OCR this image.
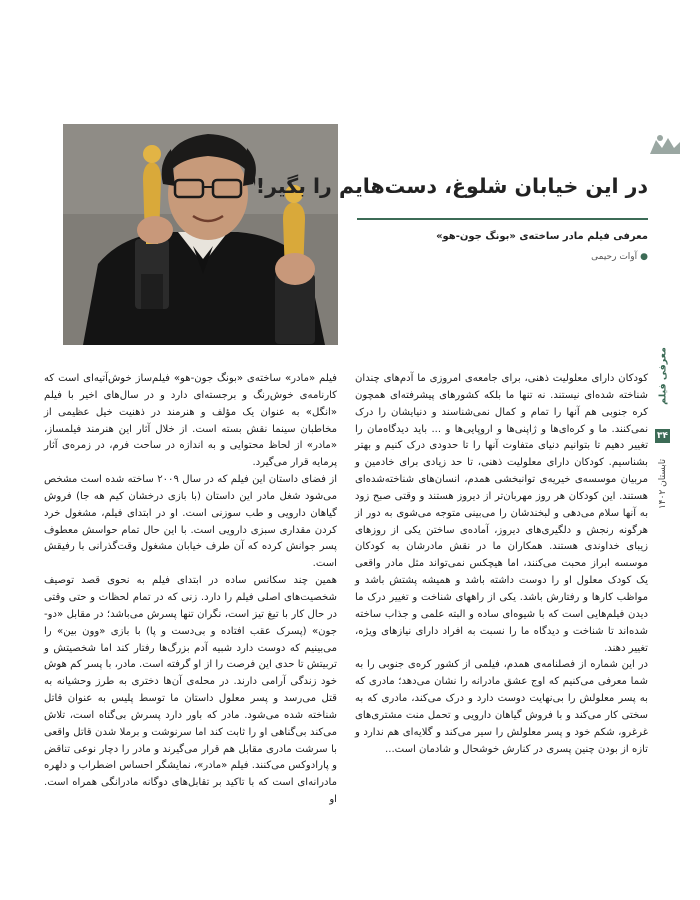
در این خیابان شلوغ، دست‌هایم را بگیر!

معرفی فیلم مادر ساخته‌ی «بونگ جون-هو»

●آوات رحیمی

معرفی فیلم
تابستان ۱۴۰۲
۳۴

کودکان دارای معلولیت ذهنی، برای جامعه‌ی امروزی ما آدم‌های چندان شناخته شده‌ای نیستند. نه تنها ما بلکه کشورهای پیشرفته‌ای همچون کره جنوبی هم آنها را تمام و کمال نمی‌شناسند و دنیایشان را درک نمی‌کنند. ما و کره‌ای‌ها و ژاپنی‌ها و اروپایی‌ها و ... باید دیدگاه‌مان را تغییر دهیم تا بتوانیم دنیای متفاوت آنها را تا حدودی درک کنیم و بهتر بشناسیم. کودکان دارای معلولیت ذهنی، تا حد زیادی برای خادمین و مربیان موسسه‌ی خیریه‌ی توانبخشی همدم، انسان‌های شناخته‌شده‌ای هستند. این کودکان هر روز مهربان‌تر از دیروز هستند و وقتی صبح زود به آنها سلام می‌دهی و لبخندشان را می‌بینی متوجه می‌شوی به دور از هرگونه رنجش و دلگیری‌های دیروز، آماده‌ی ساختن یکی از روزهای زیبای خداوندی هستند. همکاران ما در نقش مادرشان به کودکان موسسه ابراز محبت می‌کنند، اما هیچکس نمی‌تواند مثل مادر واقعی یک کودک معلول او را دوست داشته باشد و همیشه پشتش باشد و مواظب کارها و رفتارش باشد. یکی از راههای شناخت و تغییر درک ما دیدن فیلم‌هایی است که با شیوه‌ای ساده و البته علمی و جذاب ساخته شده‌اند تا شناخت و دیدگاه ما را نسبت به افراد دارای نیازهای ویژه، تغییر دهند.

در این شماره از فصلنامه‌ی همدم، فیلمی از کشور کره‌ی جنوبی را به شما معرفی می‌کنیم که اوج عشق مادرانه را نشان می‌دهد؛ مادری که به پسر معلولش را بی‌نهایت دوست دارد و درک می‌کند، مادری که به سختی کار می‌کند و با فروش گیاهان دارویی و تحمل منت مشتری‌های غرغرو، شکم خود و پسر معلولش را سیر می‌کند و گلایه‌ای هم ندارد و تازه از بودن چنین پسری در کنارش خوشحال و شادمان است...

فیلم «مادر» ساخته‌ی «بونگ جون-هو» فیلم‌ساز خوش‌آتیه‌ای است که کارنامه‌ی خوش‌رنگ و برجسته‌ای دارد و در سال‌های اخیر با فیلم «انگل» به عنوان یک مؤلف و هنرمند در ذهنیت خیل عظیمی از مخاطبان سینما نقش بسته است. از خلال آثار این هنرمند فیلمساز، «مادر» از لحاظ محتوایی و به اندازه در ساحت فرم، در زمره‌ی آثار پرمایه قرار می‌گیرد.

از فضای داستان این فیلم که در سال ۲۰۰۹ ساخته شده است مشخص می‌شود شغل مادر این داستان (با بازی درخشان کیم هه جا) فروش گیاهان دارویی و طب سوزنی است. او در ابتدای فیلم، مشغول خرد کردن مقداری سبزی دارویی است. با این حال تمام حواسش معطوف پسر جوانش کرده که آن طرف خیابان مشغول وقت‌گذرانی با رفیقش است.

همین چند سکانس ساده در ابتدای فیلم به نحوی قصد توصیف شخصیت‌های اصلی فیلم را دارد. زنی که در تمام لحظات و حتی وقتی در حال کار با تیغ تیز است، نگران تنها پسرش می‌باشد؛ در مقابل «دو-جون» (پسرک عقب افتاده و بی‌دست و پا) با بازی «وون بین» را می‌بینیم که دوست دارد شبیه آدم بزرگ‌ها رفتار کند اما شخصیتش و تربیتش تا حدی این فرصت را از او گرفته است. مادر، با پسر کم هوش خود زندگی آرامی دارند. در محله‌ی آن‌ها دختری به طرز وحشیانه به قتل می‌رسد و پسر معلول داستان ما توسط پلیس به عنوان قاتل شناخته شده می‌شود. مادر که باور دارد پسرش بی‌گناه است، تلاش می‌کند بی‌گناهی او را ثابت کند اما سرنوشت و برملا شدن قاتل واقعی با سرشت مادری مقابل هم قرار می‌گیرند و مادر را دچار نوعی تناقض و پارادوکس می‌کنند. فیلم «مادر»، نمایشگر احساس اضطراب و دلهره مادرانه‌ای است که با تاکید بر تقابل‌های دوگانه مادرانگی همراه است. او
